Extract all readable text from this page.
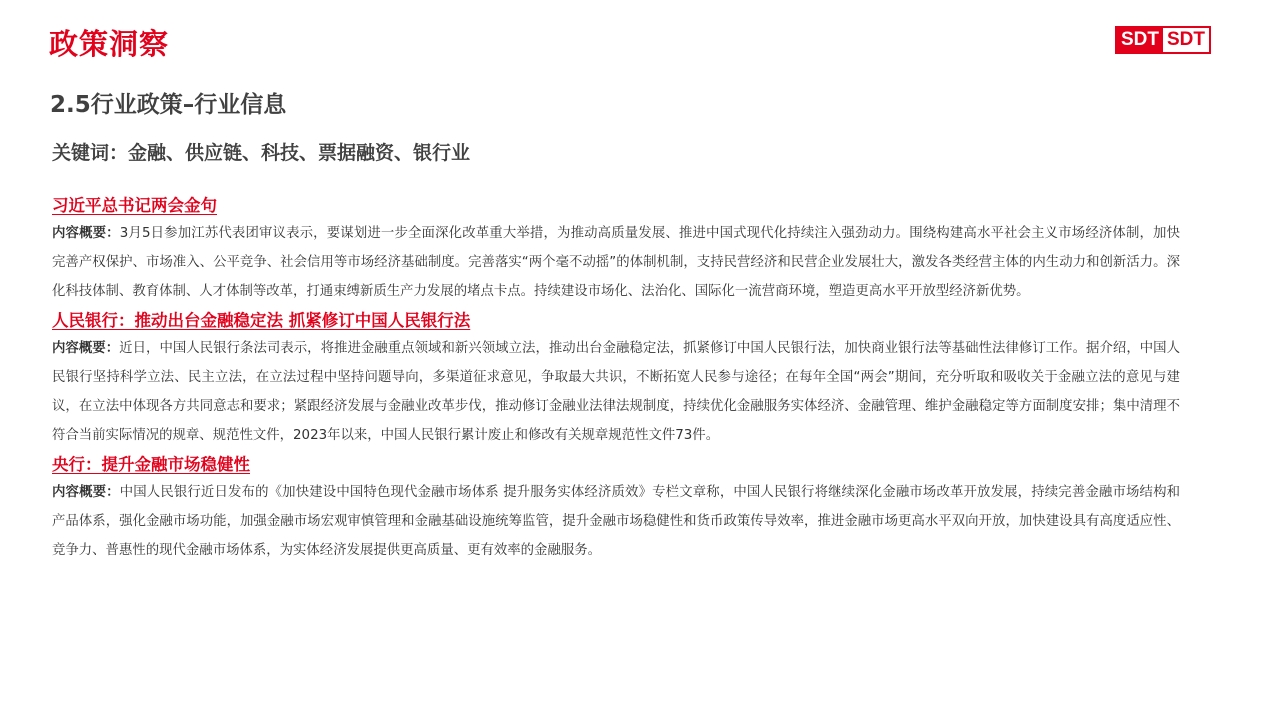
政策洞察	SDT SDT
2.5行业政策–行业信息
关键词：金融、供应链、科技、票据融资、银行业
习近平总书记两会金句

内容概要：3月5日参加江苏代表团审议表示，要谋划进一步全面深化改革重大举措，为推动高质量发展、推进中国式现代化持续注入强劲动力。围绕构建高水平社会主义市场经济体制，加快完善产权保护、市场准入、公平竞争、社会信用等市场经济基础制度。完善落实“两个毫不动摇”的体制机制，支持民营经济和民营企业发展壮大，激发各类经营主体的内生动力和创新活力。深化科技体制、教育体制、人才体制等改革，打通束缚新质生产力发展的堵点卡点。持续建设市场化、法治化、国际化一流营商环境，塑造更高水平开放型经济新优势。

人民银行：推动出台金融稳定法 抓紧修订中国人民银行法

内容概要：近日，中国人民银行条法司表示，将推进金融重点领域和新兴领域立法，推动出台金融稳定法，抓紧修订中国人民银行法，加快商业银行法等基础性法律修订工作。据介绍，中国人民银行坚持科学立法、民主立法，在立法过程中坚持问题导向，多渠道征求意见，争取最大共识，不断拓宽人民参与途径；在每年全国“两会”期间，充分听取和吸收关于金融立法的意见与建议，在立法中体现各方共同意志和要求；紧跟经济发展与金融业改革步伐，推动修订金融业法律法规制度，持续优化金融服务实体经济、金融管理、维护金融稳定等方面制度安排；集中清理不符合当前实际情况的规章、规范性文件，2023年以来，中国人民银行累计废止和修改有关规章规范性文件73件。

央行：提升金融市场稳健性

内容概要：中国人民银行近日发布的《加快建设中国特色现代金融市场体系 提升服务实体经济质效》专栏文章称，中国人民银行将继续深化金融市场改革开放发展，持续完善金融市场结构和产品体系，强化金融市场功能，加强金融市场宏观审慎管理和金融基础设施统筹监管，提升金融市场稳健性和货币政策传导效率，推进金融市场更高水平双向开放，加快建设具有高度适应性、竞争力、普惠性的现代金融市场体系，为实体经济发展提供更高质量、更有效率的金融服务。
